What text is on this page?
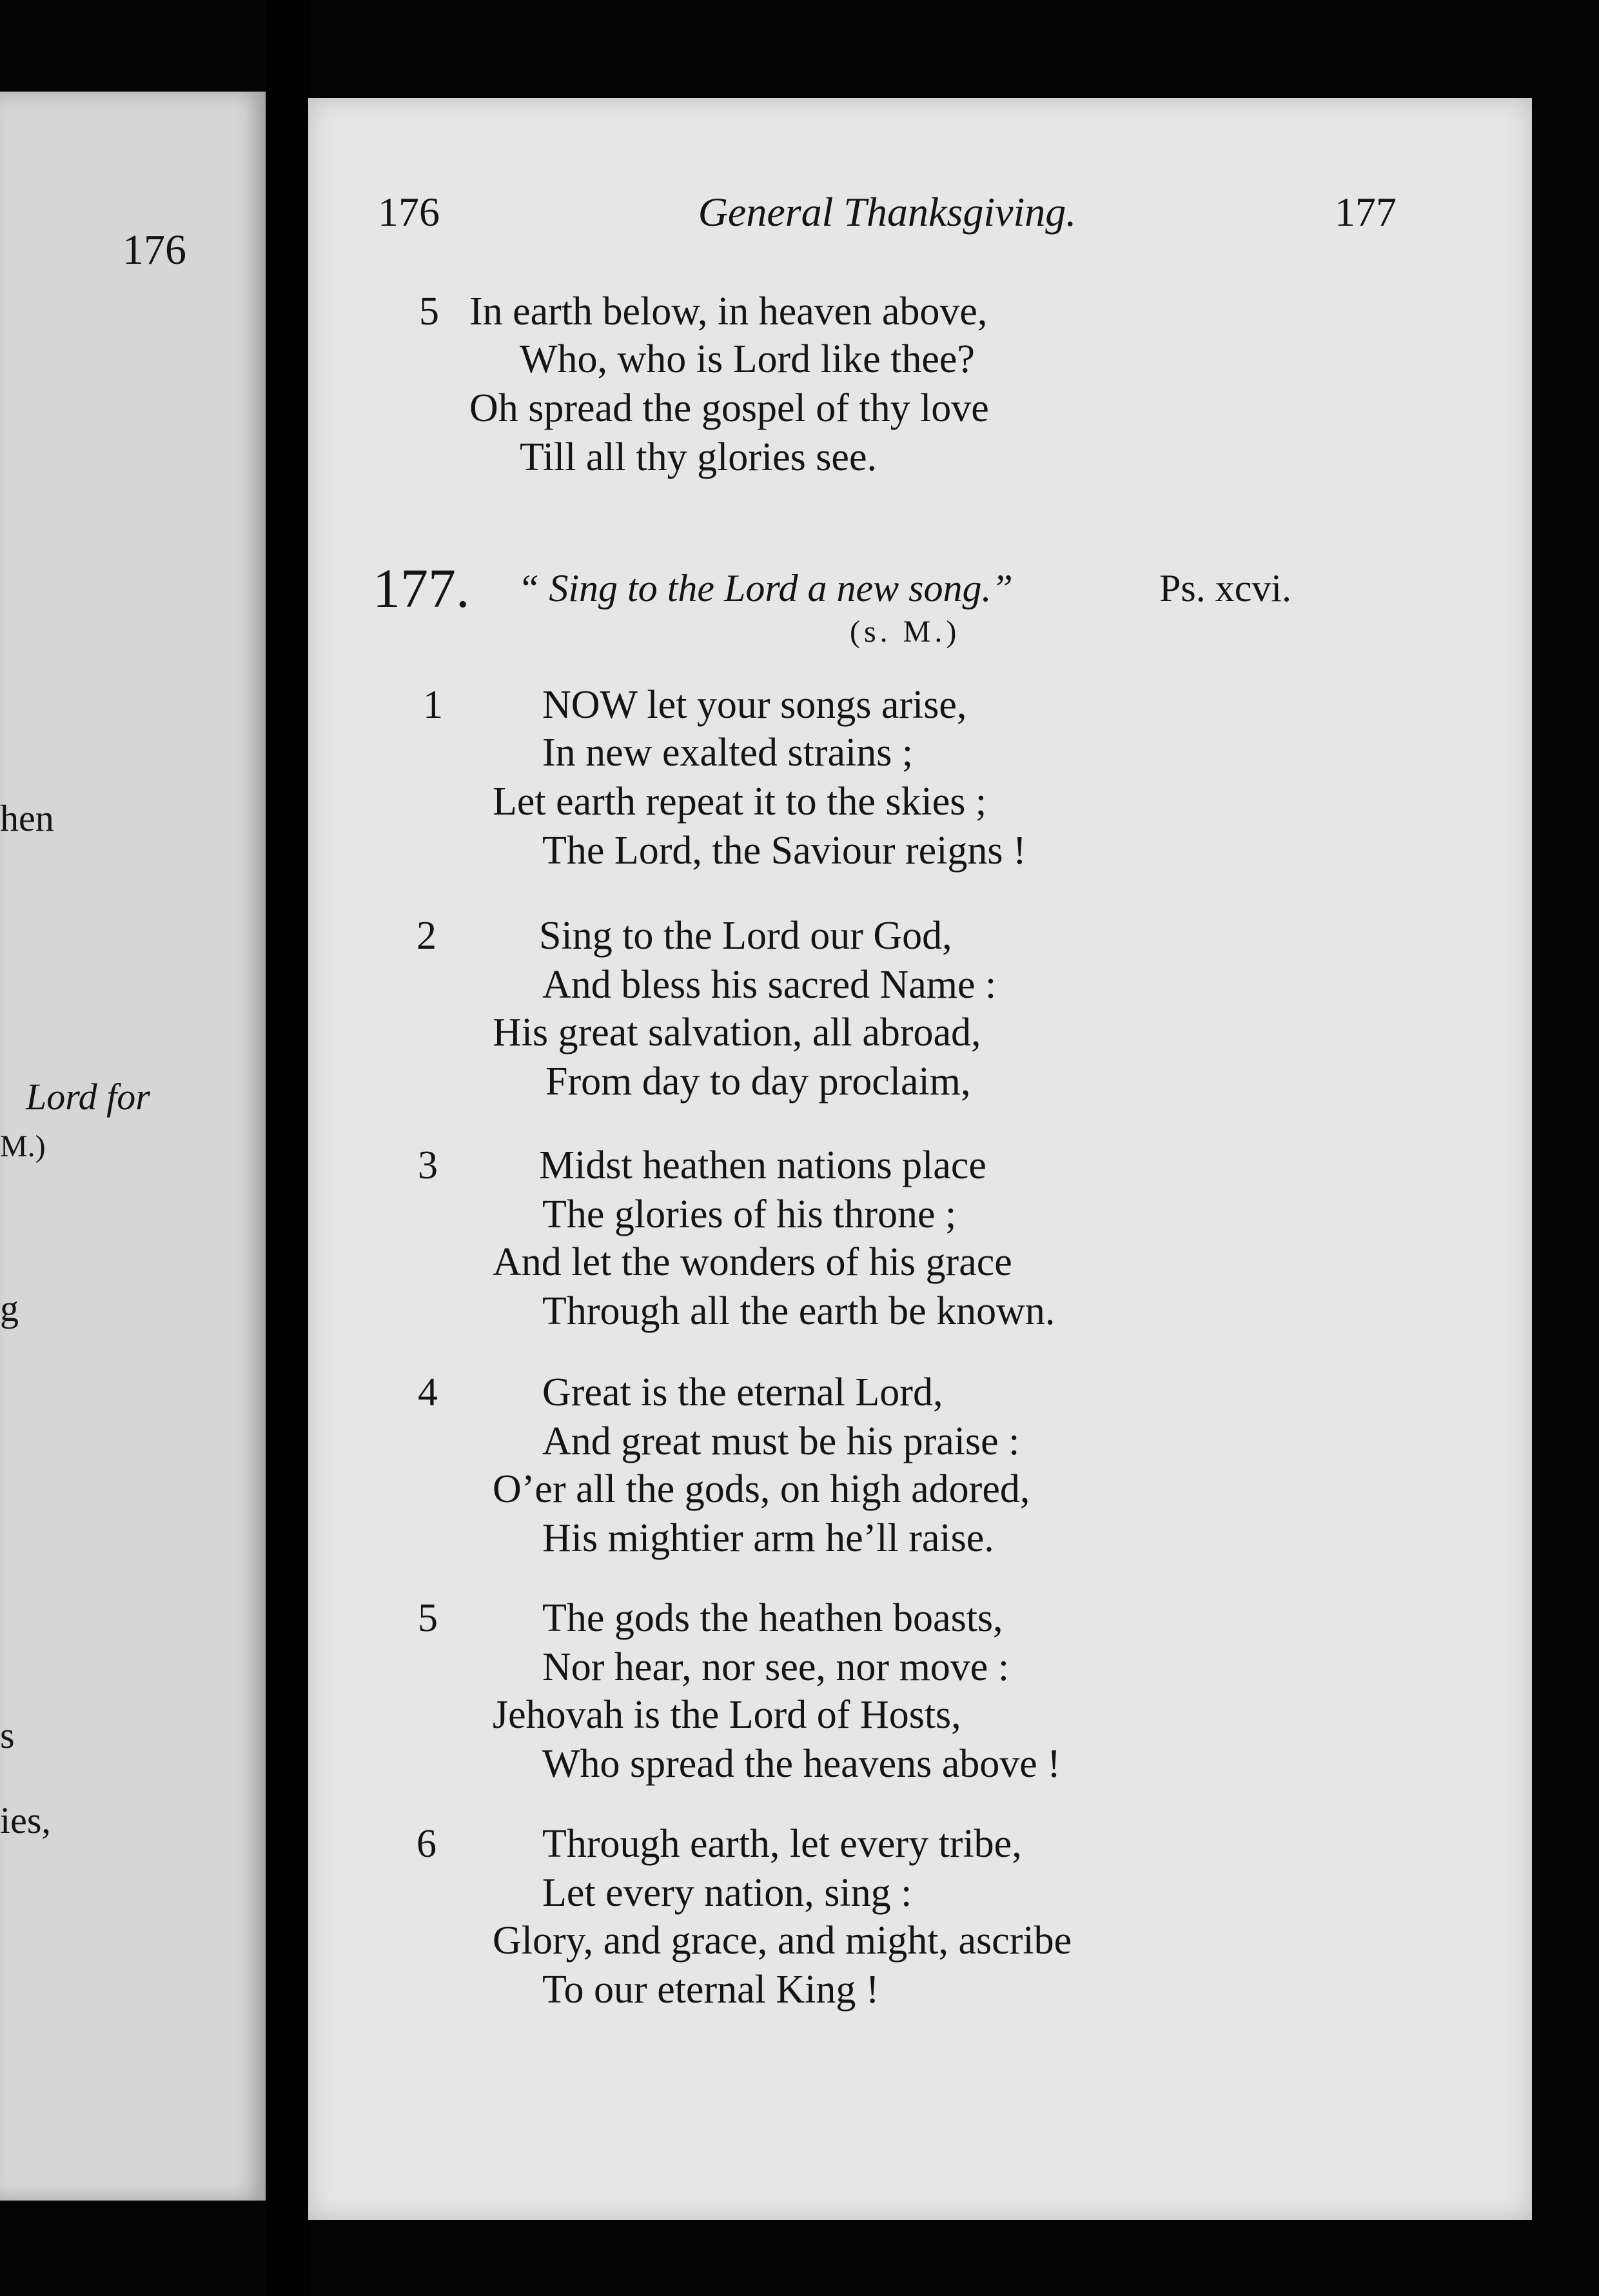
176
hen
Lord for
M.)
g
s
ies,
176	General Thanksgiving.	177
5 In earth below, in heaven above,
Who, who is Lord like thee?
Oh spread the gospel of thy love
Till all thy glories see.
177. “ Sing to the Lord a new song.”	Ps. xcvi.
(s. M.)
1 NOW let your songs arise,
In new exalted strains ;
Let earth repeat it to the skies ;
The Lord, the Saviour reigns !
2	Sing to the Lord our God,
And bless his sacred Name :
His great salvation, all abroad,
From day to day proclaim,
3	Midst heathen nations place
The glories of his throne ;
And let the wonders of his grace
Through all the earth be known.
4	Great is the eternal Lord,
And great must be his praise :
O’er all the gods, on high adored,
His mightier arm he’ll raise.
5	The gods the heathen boasts,
Nor hear, nor see, nor move :
Jehovah is the Lord of Hosts,
Who spread the heavens above !
6	Through earth, let every tribe,
Let every nation, sing :
Glory, and grace, and might, ascribe
To our eternal King !
